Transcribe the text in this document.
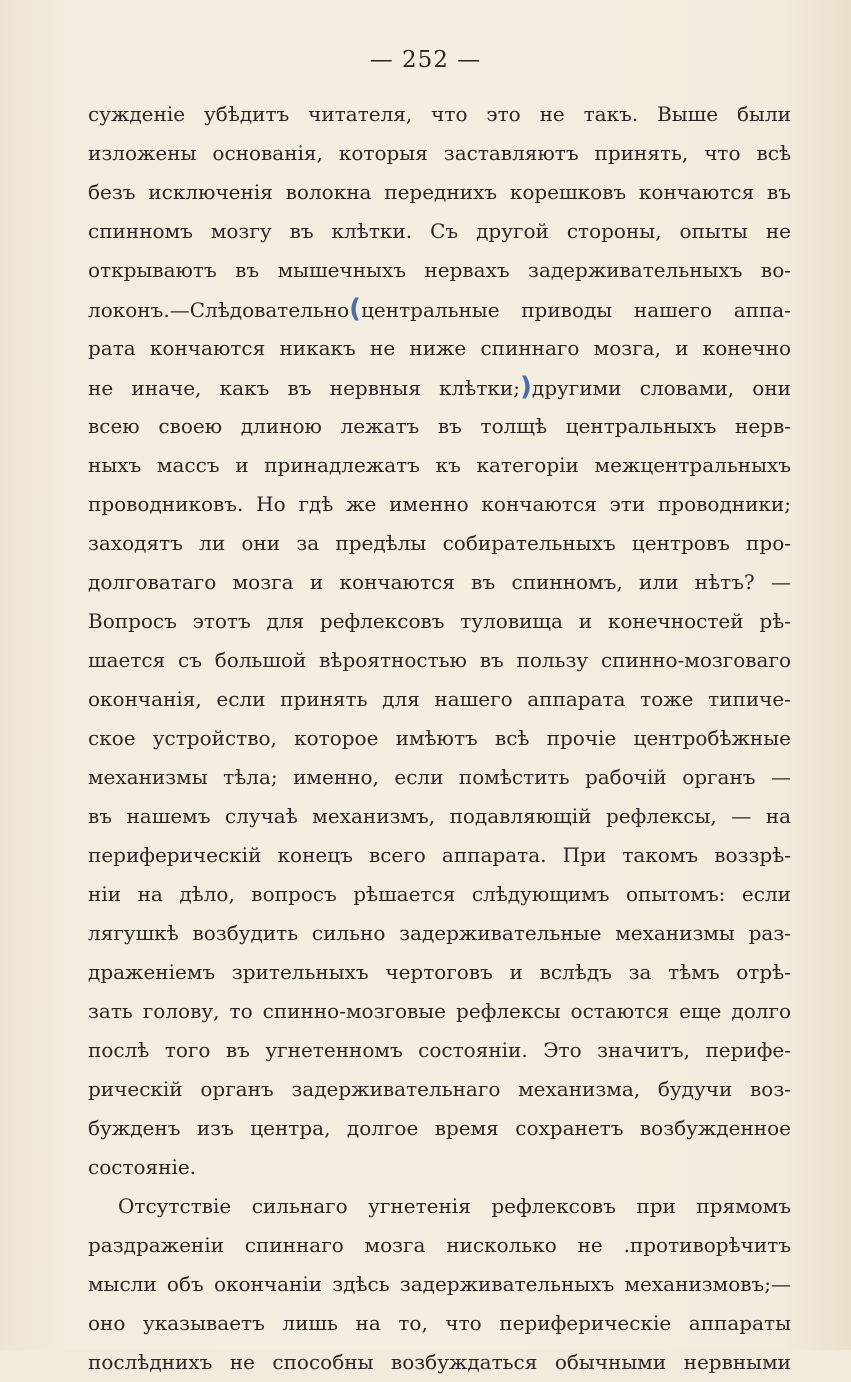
— 252 —
сужденіе убѣдитъ читателя, что это не такъ. Выше были
изложены основанія, которыя заставляютъ принять, что всѣ
безъ исключенія волокна переднихъ корешковъ кончаются въ
спинномъ мозгу въ клѣтки. Съ другой стороны, опыты не
открываютъ въ мышечныхъ нервахъ задерживательныхъ во-
локонъ.—Слѣдовательно(центральные приводы нашего аппа-
рата кончаются никакъ не ниже спиннаго мозга, и конечно
не иначе, какъ въ нервныя клѣтки;)другими словами, они
всею своею длиною лежатъ въ толщѣ центральныхъ нерв-
ныхъ массъ и принадлежатъ къ категоріи межцентральныхъ
проводниковъ. Но гдѣ же именно кончаются эти проводники;
заходятъ ли они за предѣлы собирательныхъ центровъ про-
долговатаго мозга и кончаются въ спинномъ, или нѣтъ? —
Вопросъ этотъ для рефлексовъ туловища и конечностей рѣ-
шается съ большой вѣроятностью въ пользу спинно-мозговаго
окончанія, если принять для нашего аппарата тоже типиче-
ское устройство, которое имѣютъ всѣ прочіе центробѣжные
механизмы тѣла; именно, если помѣстить рабочій органъ —
въ нашемъ случаѣ механизмъ, подавляющій рефлексы, — на
периферическій конецъ всего аппарата. При такомъ воззрѣ-
ніи на дѣло, вопросъ рѣшается слѣдующимъ опытомъ: если
лягушкѣ возбудить сильно задерживательные механизмы раз-
драженіемъ зрительныхъ чертоговъ и вслѣдъ за тѣмъ отрѣ-
зать голову, то спинно-мозговые рефлексы остаются еще долго
послѣ того въ угнетенномъ состояніи. Это значитъ, перифе-
рическій органъ задерживательнаго механизма, будучи воз-
бужденъ изъ центра, долгое время сохранетъ возбужденное
состояніе.
Отсутствіе сильнаго угнетенія рефлексовъ при прямомъ
раздраженіи спиннаго мозга нисколько не .противорѣчитъ
мысли объ окончаніи здѣсь задерживательныхъ механизмовъ;—
оно указываетъ лишь на то, что периферическіе аппараты
послѣднихъ не способны возбуждаться обычными нервными
